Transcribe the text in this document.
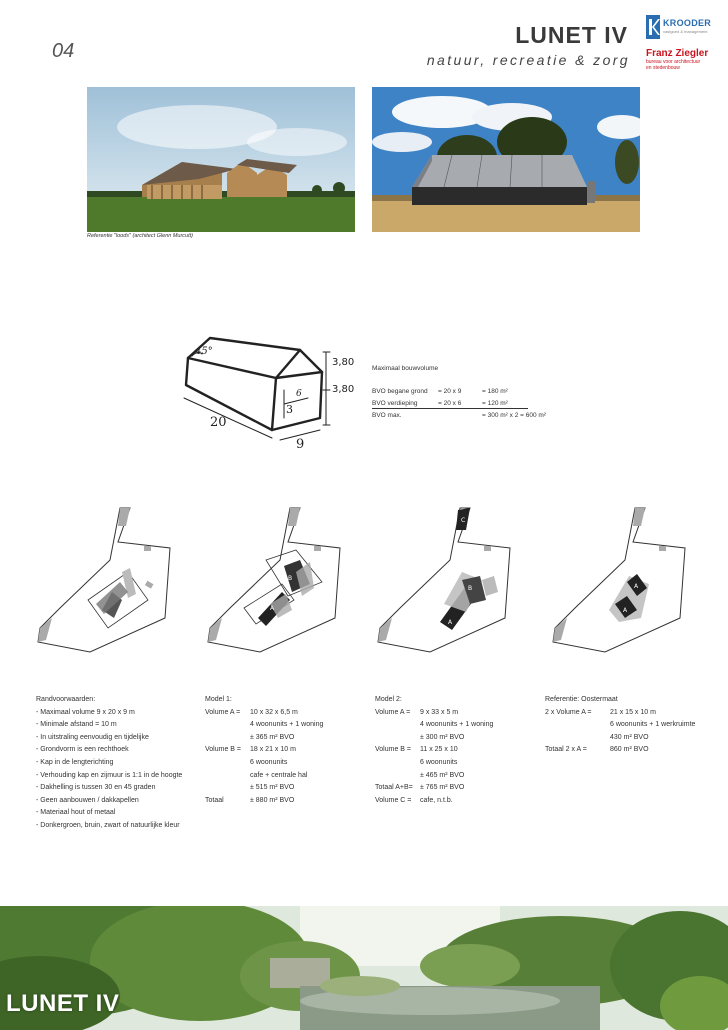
04
LUNET IV
natuur, recreatie & zorg
KROODER
vastgoed & management
Franz Ziegler
bureau voor architectuur
en stedenbouw
Referentie "loods" (architect Glenn Murcutt)
45°
3,80
3,80
20
9
3
6
Maximaal bouwvolume
BVO begane grond = 20 x 9	= 180 m²
BVO verdieping	= 20 x 6	= 120 m²
BVO max.	= 300 m² x 2 = 600 m²
B
A
C
B
A
A
A
Randvoorwaarden:
- Maximaal volume 9 x 20 x 9 m
- Minimale afstand = 10 m
- In uitstraling eenvoudig en tijdelijke
- Grondvorm is een rechthoek
- Kap in de lengterichting
- Verhouding kap en zijmuur is 1:1 in de hoogte
- Dakhelling is tussen 30 en 45 graden
- Geen aanbouwen / dakkapellen
- Materiaal hout of metaal
- Donkergroen, bruin, zwart of natuurlijke kleur
Model 1:
Volume A = 10 x 32 x 6,5 m
4 woonunits + 1 woning
± 365 m² BVO
Volume B = 18 x 21 x 10 m
6 woonunits
cafe + centrale hal
± 515 m² BVO
Totaal	± 880 m² BVO
Model 2:
Volume A = 9 x 33 x 5 m
4 woonunits + 1 woning
± 300 m² BVO
Volume B = 11 x 25 x 10
6 woonunits
± 465 m² BVO
Totaal A+B= ± 765 m² BVO
Volume C = cafe, n.t.b.
Referentie: Oostermaat
2 x Volume A =	21 x 15 x 10 m
6 woonunits + 1 werkruimte
430 m² BVO
Totaal 2 x A =	860 m² BVO
LUNET IV
